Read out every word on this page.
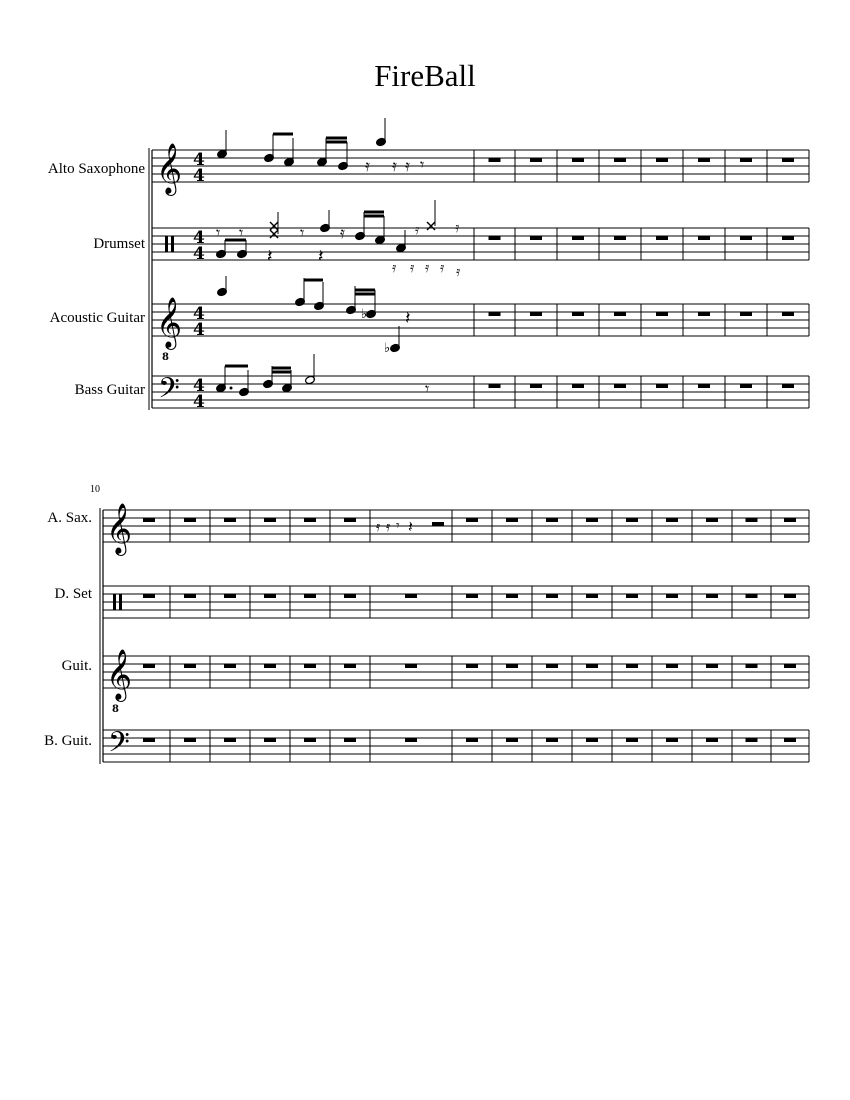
FireBall
Alto Saxophone
Drumset
Acoustic Guitar
Bass Guitar
10
A. Sax.
D. Set
Guit.
B. Guit.
𝄞 4
4
4
4
𝄞
8
4
4
𝄢 4
4
𝄿 𝄿 𝄿 𝄾
𝄾 𝄾
𝄽
𝄾 𝄿
𝄽
𝄿	𝄿
𝄿 𝄿 𝄿 𝄿 𝄿
♭
♭
𝄽
𝄾
𝄞
𝄞
8
𝄢
𝄿 𝄿 𝄾 𝄽
